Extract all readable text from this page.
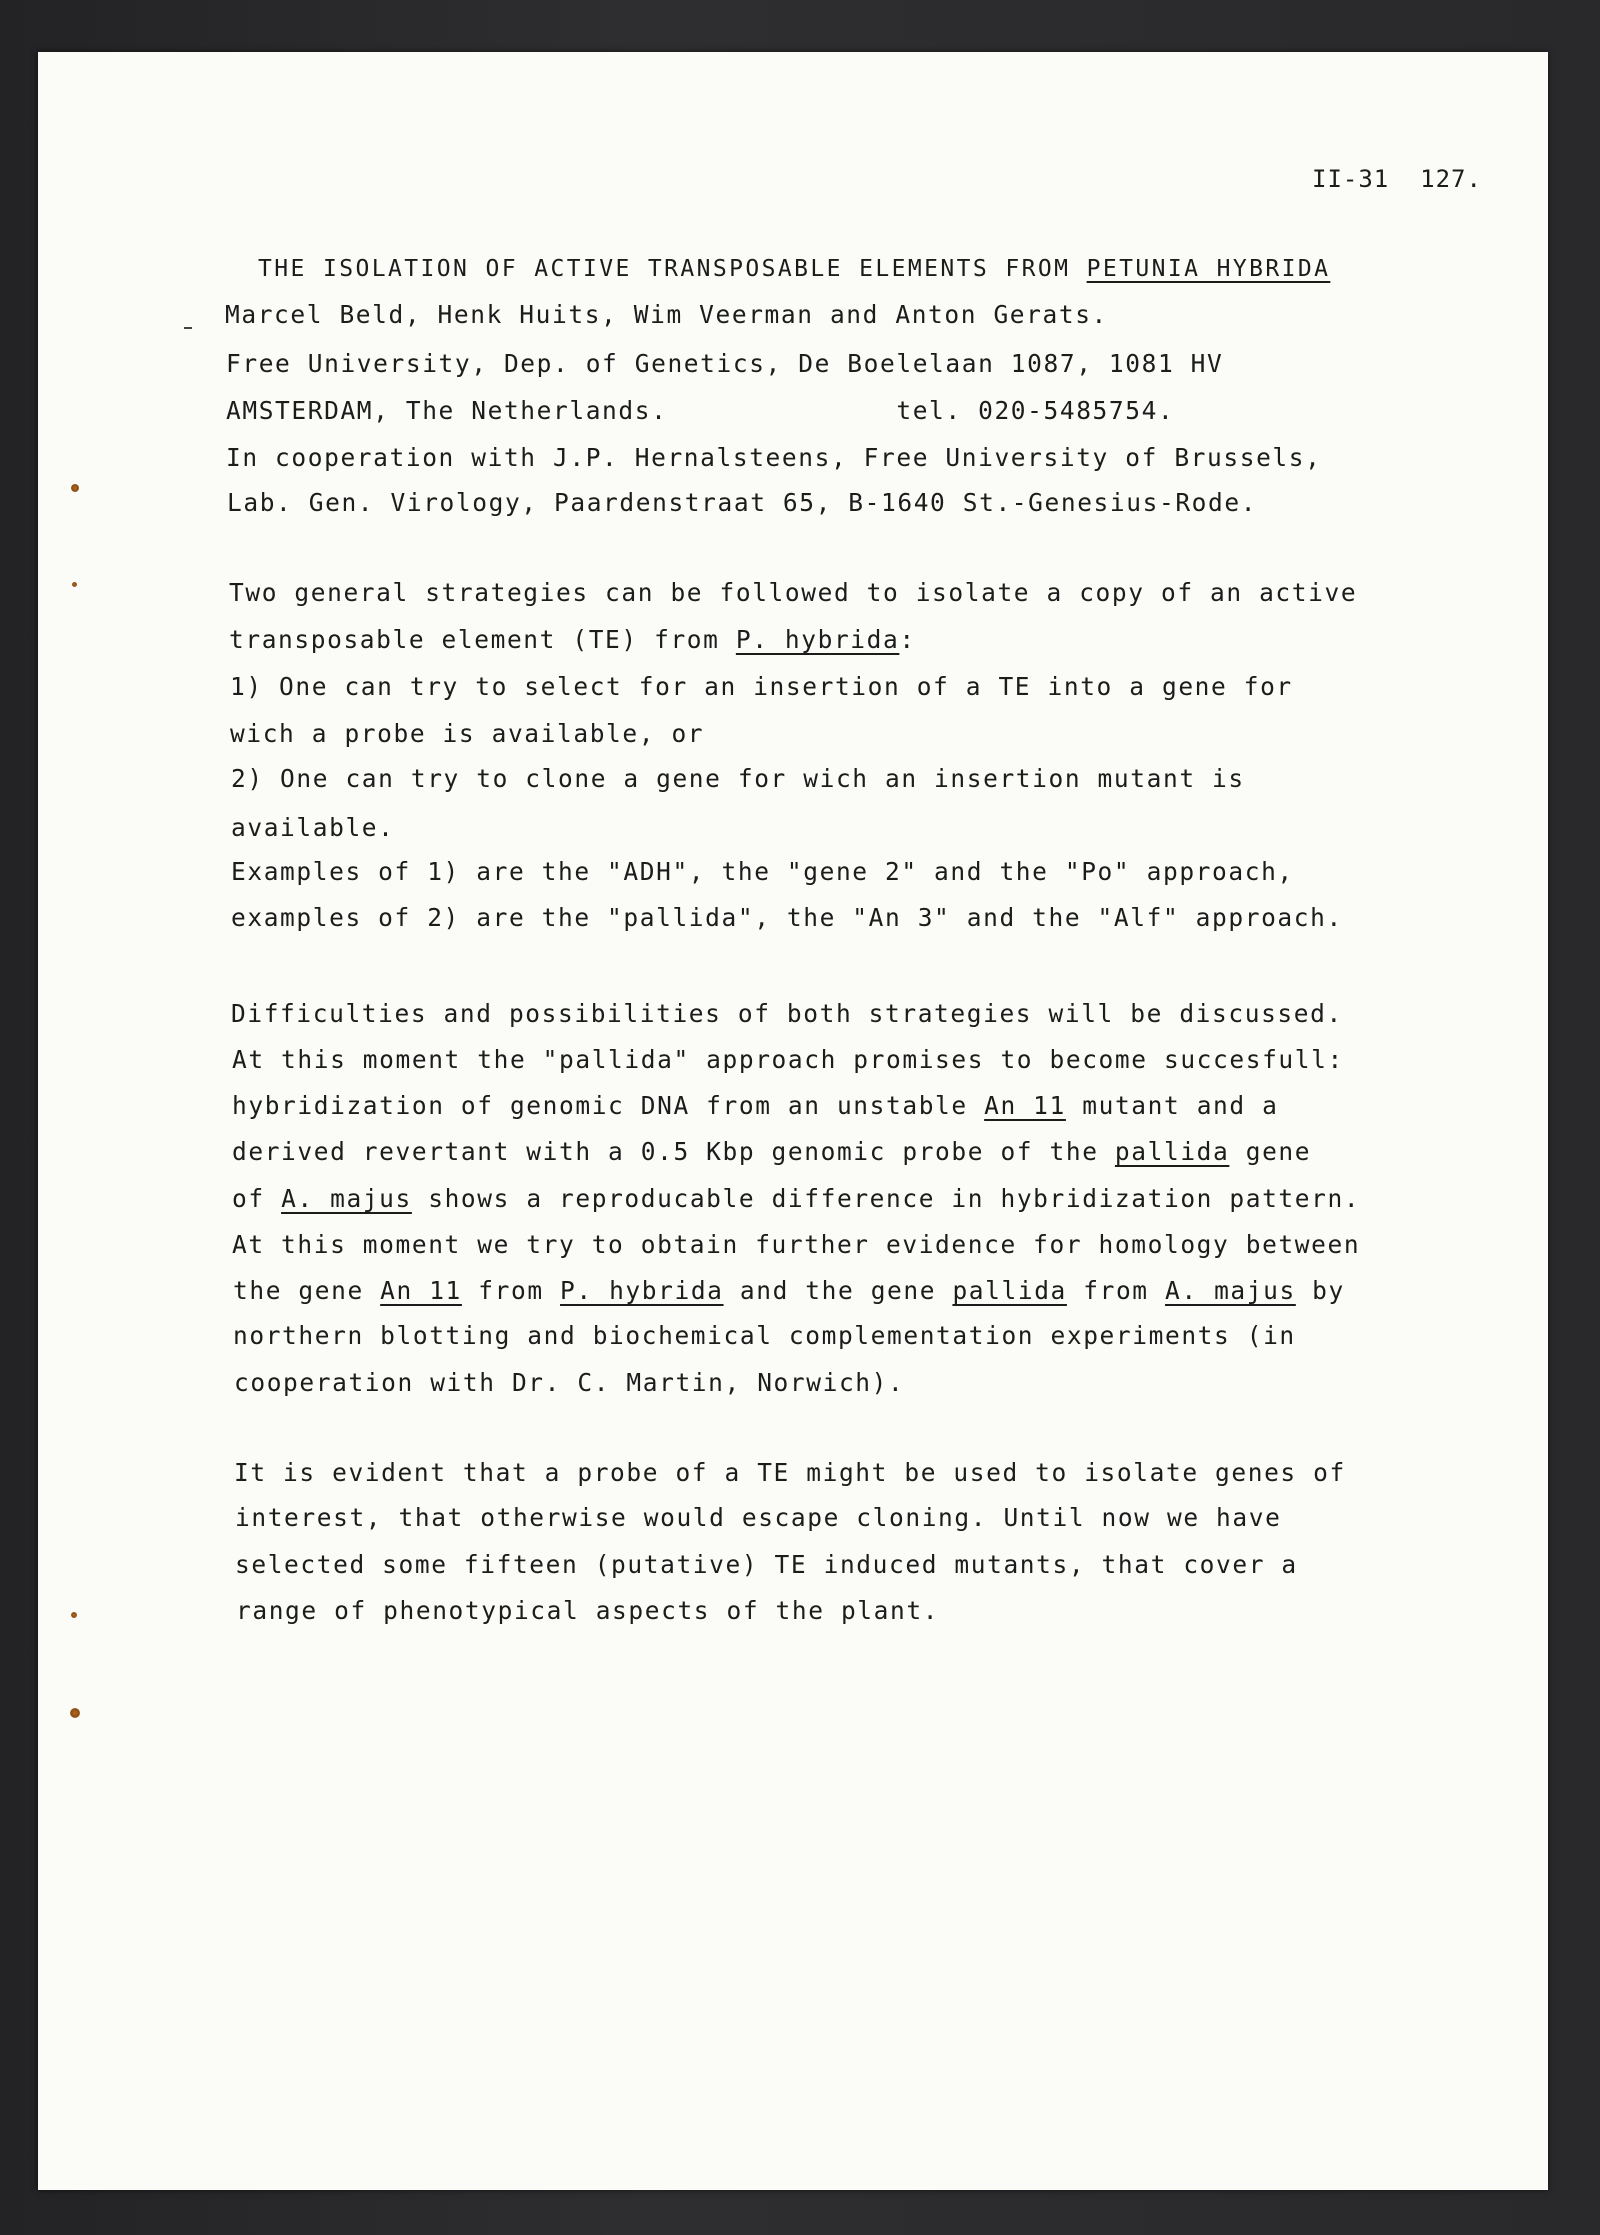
II-31  127.
THE ISOLATION OF ACTIVE TRANSPOSABLE ELEMENTS FROM PETUNIA HYBRIDA
Marcel Beld, Henk Huits, Wim Veerman and Anton Gerats.
Free University, Dep. of Genetics, De Boelelaan 1087, 1081 HV
AMSTERDAM, The Netherlands.              tel. 020-5485754.
In cooperation with J.P. Hernalsteens, Free University of Brussels,
Lab. Gen. Virology, Paardenstraat 65, B-1640 St.-Genesius-Rode.
Two general strategies can be followed to isolate a copy of an active
transposable element (TE) from P. hybrida:
1) One can try to select for an insertion of a TE into a gene for
wich a probe is available, or
2) One can try to clone a gene for wich an insertion mutant is
available.
Examples of 1) are the "ADH", the "gene 2" and the "Po" approach,
examples of 2) are the "pallida", the "An 3" and the "Alf" approach.
Difficulties and possibilities of both strategies will be discussed.
At this moment the "pallida" approach promises to become succesfull:
hybridization of genomic DNA from an unstable An 11 mutant and a
derived revertant with a 0.5 Kbp genomic probe of the pallida gene
of A. majus shows a reproducable difference in hybridization pattern.
At this moment we try to obtain further evidence for homology between
the gene An 11 from P. hybrida and the gene pallida from A. majus by
northern blotting and biochemical complementation experiments (in
cooperation with Dr. C. Martin, Norwich).
It is evident that a probe of a TE might be used to isolate genes of
interest, that otherwise would escape cloning. Until now we have
selected some fifteen (putative) TE induced mutants, that cover a
range of phenotypical aspects of the plant.
